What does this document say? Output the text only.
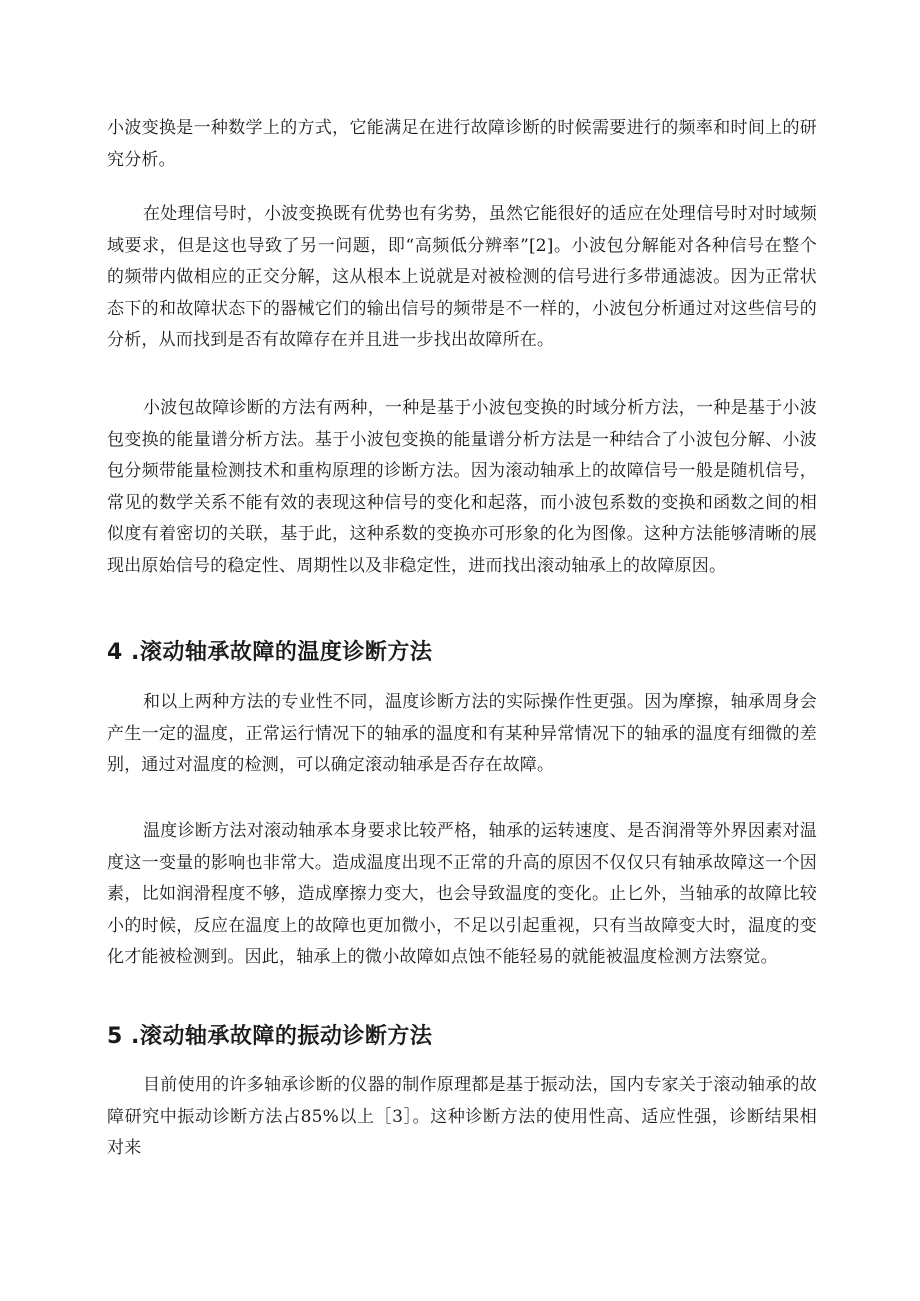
小波变换是一种数学上的方式，它能满足在进行故障诊断的时候需要进行的频率和时间上的研究分析。

在处理信号时，小波变换既有优势也有劣势，虽然它能很好的适应在处理信号时对时域频域要求，但是这也导致了另一问题，即“高频低分辨率”[2]。小波包分解能对各种信号在整个的频带内做相应的正交分解，这从根本上说就是对被检测的信号进行多带通滤波。因为正常状态下的和故障状态下的器械它们的输出信号的频带是不一样的，小波包分析通过对这些信号的分析，从而找到是否有故障存在并且进一步找出故障所在。

小波包故障诊断的方法有两种，一种是基于小波包变换的时域分析方法，一种是基于小波包变换的能量谱分析方法。基于小波包变换的能量谱分析方法是一种结合了小波包分解、小波包分频带能量检测技术和重构原理的诊断方法。因为滚动轴承上的故障信号一般是随机信号，常见的数学关系不能有效的表现这种信号的变化和起落，而小波包系数的变换和函数之间的相似度有着密切的关联，基于此，这种系数的变换亦可形象的化为图像。这种方法能够清晰的展现出原始信号的稳定性、周期性以及非稳定性，进而找出滚动轴承上的故障原因。

4 .滚动轴承故障的温度诊断方法

和以上两种方法的专业性不同，温度诊断方法的实际操作性更强。因为摩擦，轴承周身会产生一定的温度，正常运行情况下的轴承的温度和有某种异常情况下的轴承的温度有细微的差别，通过对温度的检测，可以确定滚动轴承是否存在故障。

温度诊断方法对滚动轴承本身要求比较严格，轴承的运转速度、是否润滑等外界因素对温度这一变量的影响也非常大。造成温度出现不正常的升高的原因不仅仅只有轴承故障这一个因素，比如润滑程度不够，造成摩擦力变大，也会导致温度的变化。止匕外，当轴承的故障比较小的时候，反应在温度上的故障也更加微小，不足以引起重视，只有当故障变大时，温度的变化才能被检测到。因此，轴承上的微小故障如点蚀不能轻易的就能被温度检测方法察觉。

5 .滚动轴承故障的振动诊断方法

目前使用的许多轴承诊断的仪器的制作原理都是基于振动法，国内专家关于滚动轴承的故障研究中振动诊断方法占85%以上［3］。这种诊断方法的使用性高、适应性强，诊断结果相对来
